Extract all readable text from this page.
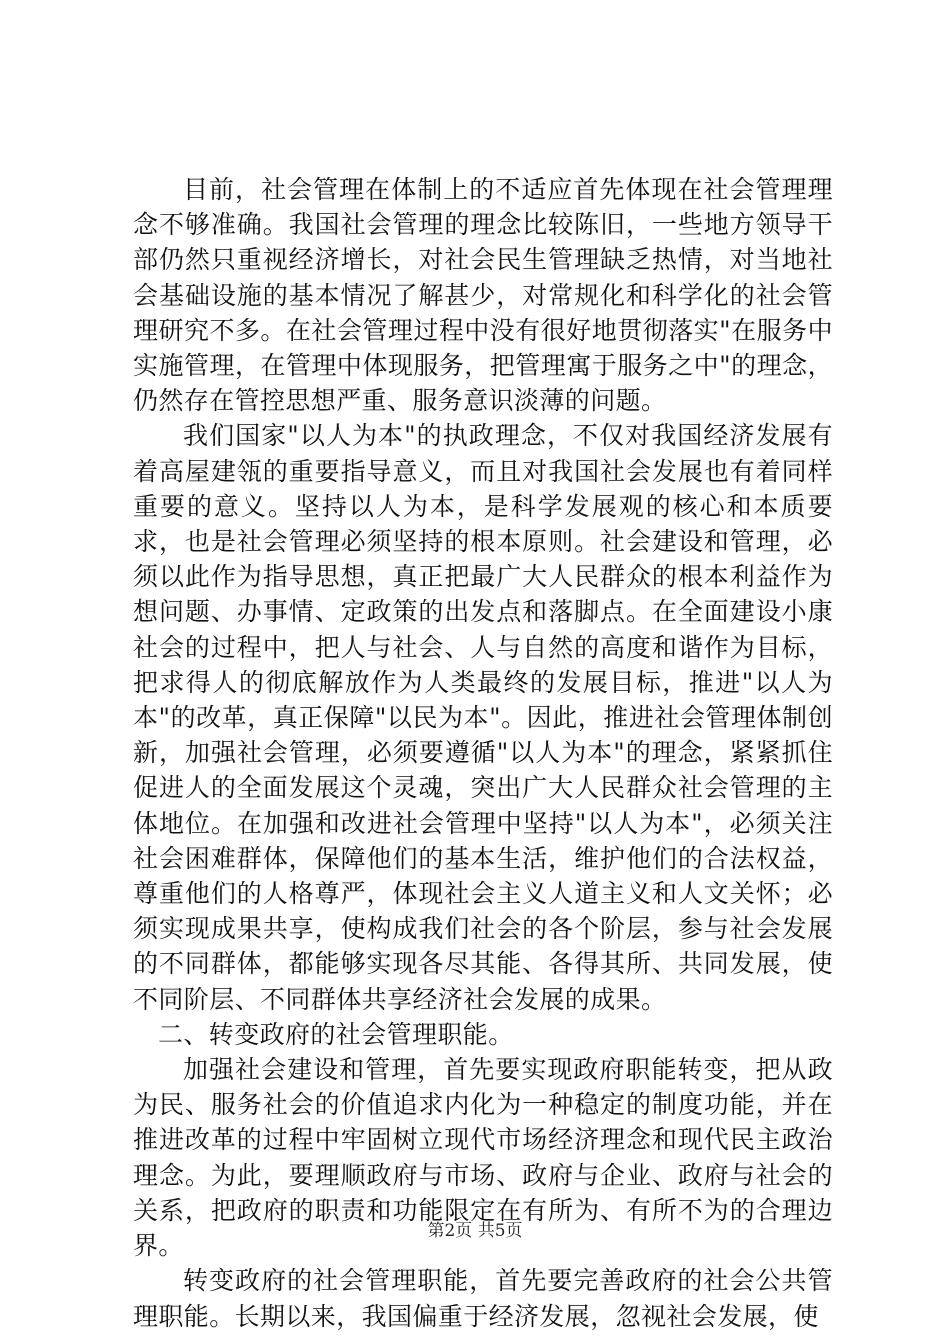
目前，社会管理在体制上的不适应首先体现在社会管理理念不够准确。我国社会管理的理念比较陈旧，一些地方领导干部仍然只重视经济增长，对社会民生管理缺乏热情，对当地社会基础设施的基本情况了解甚少，对常规化和科学化的社会管理研究不多。在社会管理过程中没有很好地贯彻落实"在服务中实施管理，在管理中体现服务，把管理寓于服务之中"的理念，仍然存在管控思想严重、服务意识淡薄的问题。

我们国家"以人为本"的执政理念，不仅对我国经济发展有着高屋建瓴的重要指导意义，而且对我国社会发展也有着同样重要的意义。坚持以人为本，是科学发展观的核心和本质要求，也是社会管理必须坚持的根本原则。社会建设和管理，必须以此作为指导思想，真正把最广大人民群众的根本利益作为想问题、办事情、定政策的出发点和落脚点。在全面建设小康社会的过程中，把人与社会、人与自然的高度和谐作为目标，把求得人的彻底解放作为人类最终的发展目标，推进"以人为本"的改革，真正保障"以民为本"。因此，推进社会管理体制创新，加强社会管理，必须要遵循"以人为本"的理念，紧紧抓住促进人的全面发展这个灵魂，突出广大人民群众社会管理的主体地位。在加强和改进社会管理中坚持"以人为本"，必须关注社会困难群体，保障他们的基本生活，维护他们的合法权益，尊重他们的人格尊严，体现社会主义人道主义和人文关怀；必须实现成果共享，使构成我们社会的各个阶层，参与社会发展的不同群体，都能够实现各尽其能、各得其所、共同发展，使不同阶层、不同群体共享经济社会发展的成果。

二、转变政府的社会管理职能。

加强社会建设和管理，首先要实现政府职能转变，把从政为民、服务社会的价值追求内化为一种稳定的制度功能，并在推进改革的过程中牢固树立现代市场经济理念和现代民主政治理念。为此，要理顺政府与市场、政府与企业、政府与社会的关系，把政府的职责和功能限定在有所为、有所不为的合理边界。

转变政府的社会管理职能，首先要完善政府的社会公共管理职能。长期以来，我国偏重于经济发展，忽视社会发展，使

第2页 共5页
